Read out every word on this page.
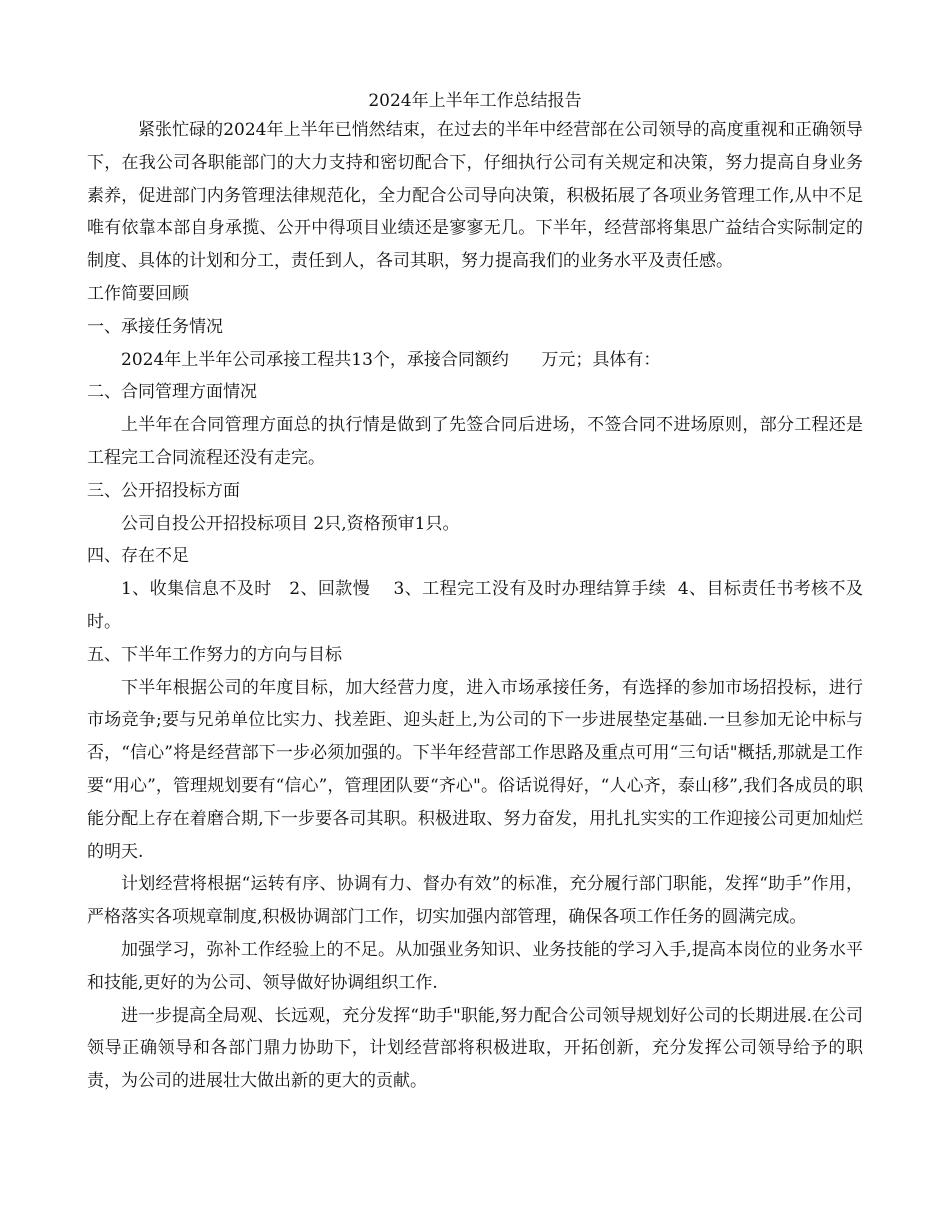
2024年上半年工作总结报告

紧张忙碌的2024年上半年已悄然结束，在过去的半年中经营部在公司领导的高度重视和正确领导下，在我公司各职能部门的大力支持和密切配合下，仔细执行公司有关规定和决策，努力提高自身业务素养，促进部门内务管理法律规范化，全力配合公司导向决策，积极拓展了各项业务管理工作,从中不足唯有依靠本部自身承揽、公开中得项目业绩还是寥寥无几。下半年，经营部将集思广益结合实际制定的制度、具体的计划和分工，责任到人，各司其职，努力提高我们的业务水平及责任感。

工作简要回顾

一、承接任务情况

2024年上半年公司承接工程共13个，承接合同额约      万元；具体有：

二、合同管理方面情况

上半年在合同管理方面总的执行情是做到了先签合同后进场，不签合同不进场原则，部分工程还是工程完工合同流程还没有走完。

三、公开招投标方面

公司自投公开招投标项目 2只,资格预审1只。

四、存在不足

1、收集信息不及时   2、回款慢    3、工程完工没有及时办理结算手续  4、目标责任书考核不及时。

五、下半年工作努力的方向与目标

下半年根据公司的年度目标，加大经营力度，进入市场承接任务，有选择的参加市场招投标，进行市场竞争;要与兄弟单位比实力、找差距、迎头赶上,为公司的下一步进展垫定基础.一旦参加无论中标与否，“信心”将是经营部下一步必须加强的。下半年经营部工作思路及重点可用“三句话"概括,那就是工作要“用心”，管理规划要有“信心”，管理团队要“齐心"。俗话说得好，“人心齐，泰山移”,我们各成员的职能分配上存在着磨合期,下一步要各司其职。积极进取、努力奋发，用扎扎实实的工作迎接公司更加灿烂的明天.

计划经营将根据“运转有序、协调有力、督办有效”的标准，充分履行部门职能，发挥“助手”作用，严格落实各项规章制度,积极协调部门工作，切实加强内部管理，确保各项工作任务的圆满完成。

加强学习，弥补工作经验上的不足。从加强业务知识、业务技能的学习入手,提高本岗位的业务水平和技能,更好的为公司、领导做好协调组织工作.

进一步提高全局观、长远观，充分发挥“助手"职能,努力配合公司领导规划好公司的长期进展.在公司领导正确领导和各部门鼎力协助下，计划经营部将积极进取，开拓创新，充分发挥公司领导给予的职责，为公司的进展壮大做出新的更大的贡献。
